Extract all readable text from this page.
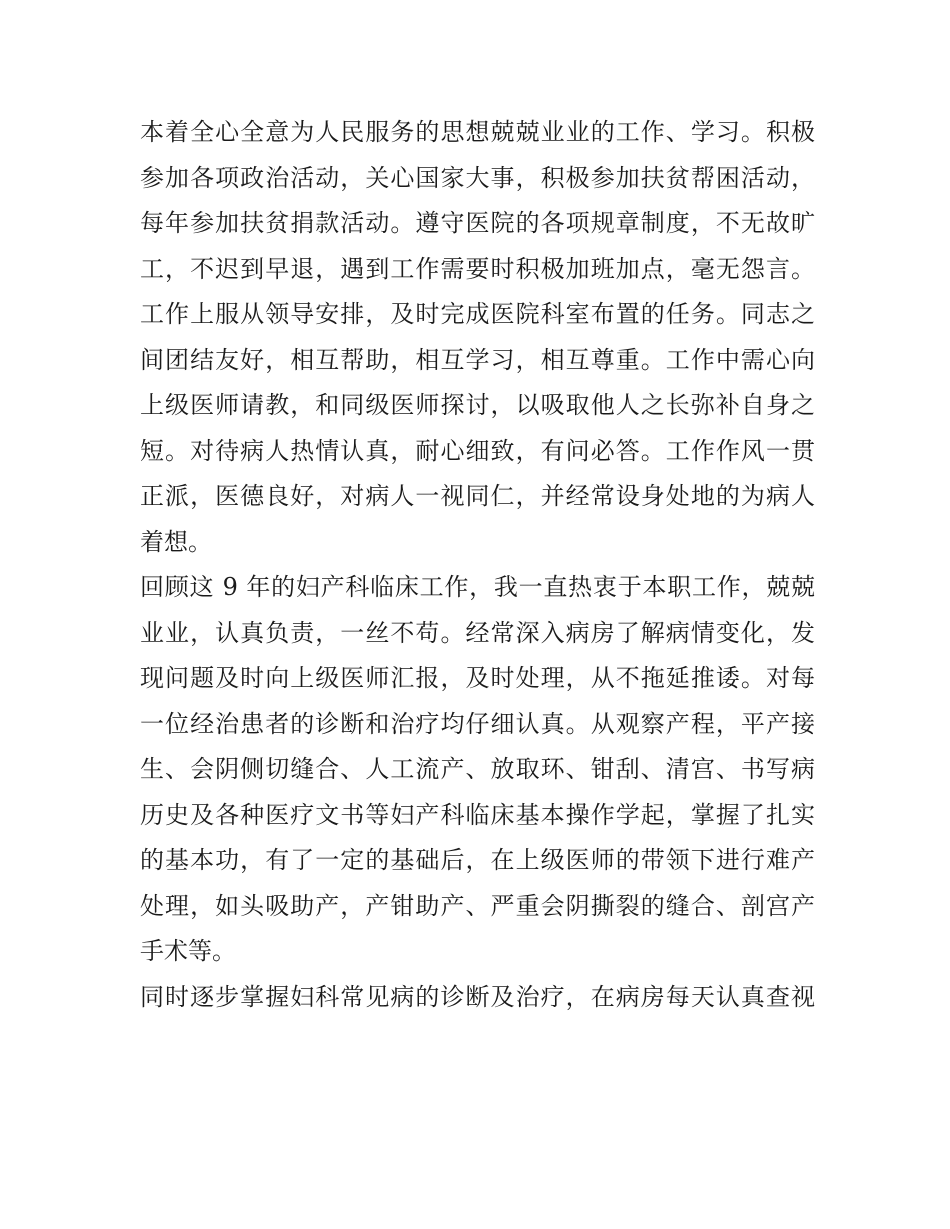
本着全心全意为人民服务的思想兢兢业业的工作、学习。积极
参加各项政治活动，关心国家大事，积极参加扶贫帮困活动，
每年参加扶贫捐款活动。遵守医院的各项规章制度，不无故旷
工，不迟到早退，遇到工作需要时积极加班加点，毫无怨言。
工作上服从领导安排，及时完成医院科室布置的任务。同志之
间团结友好，相互帮助，相互学习，相互尊重。工作中需心向
上级医师请教，和同级医师探讨，以吸取他人之长弥补自身之
短。对待病人热情认真，耐心细致，有问必答。工作作风一贯
正派，医德良好，对病人一视同仁，并经常设身处地的为病人
着想。
回顾这 9 年的妇产科临床工作，我一直热衷于本职工作，兢兢
业业，认真负责，一丝不苟。经常深入病房了解病情变化，发
现问题及时向上级医师汇报，及时处理，从不拖延推诿。对每
一位经治患者的诊断和治疗均仔细认真。从观察产程，平产接
生、会阴侧切缝合、人工流产、放取环、钳刮、清宫、书写病
历史及各种医疗文书等妇产科临床基本操作学起，掌握了扎实
的基本功，有了一定的基础后，在上级医师的带领下进行难产
处理，如头吸助产，产钳助产、严重会阴撕裂的缝合、剖宫产
手术等。
同时逐步掌握妇科常见病的诊断及治疗，在病房每天认真查视
